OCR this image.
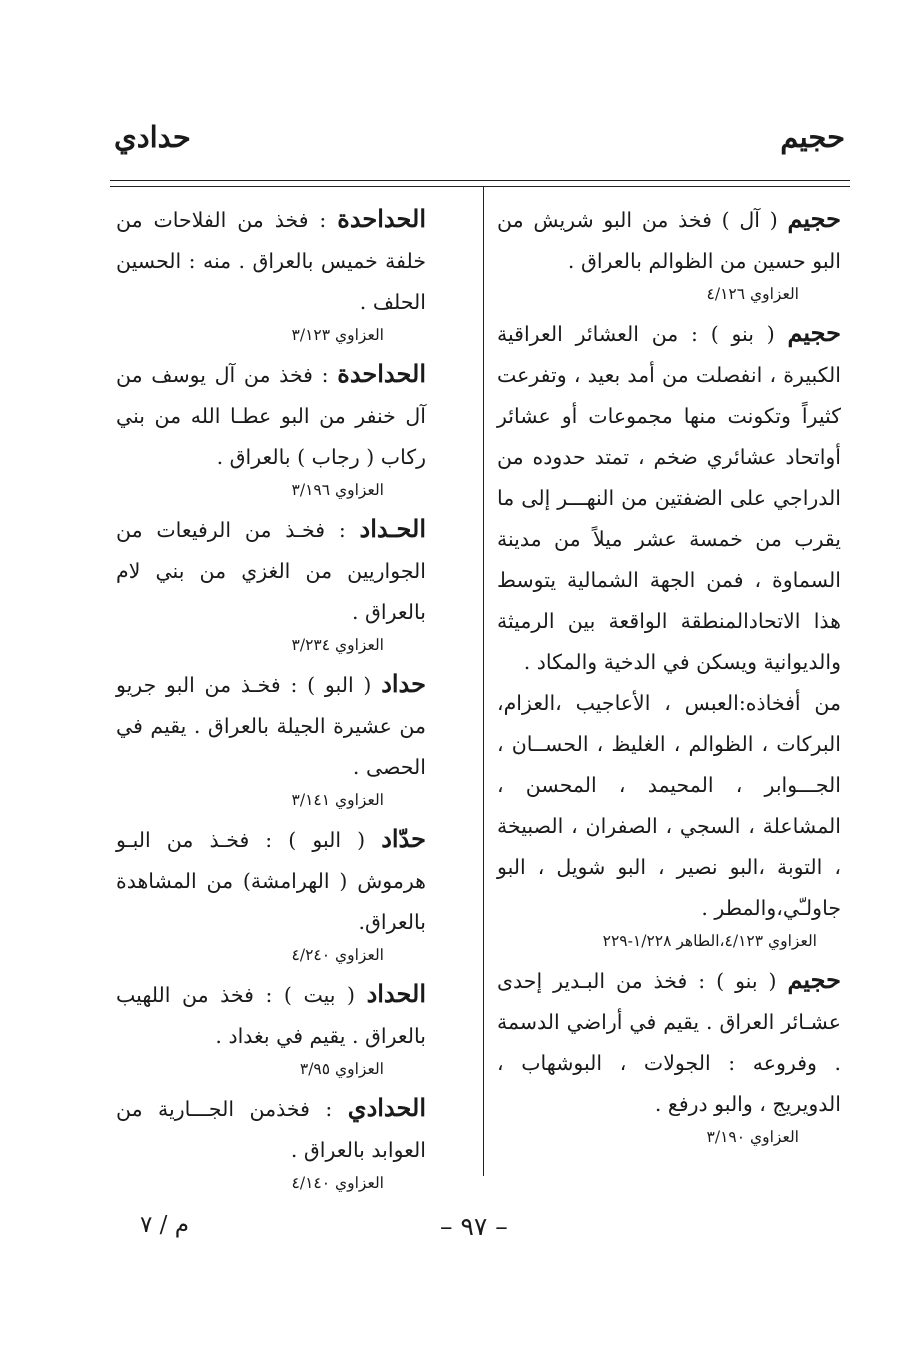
حجيم
حدادي

حجيم ( آل ) فخذ من البو شريش من البو حسين من الظوالم بالعراق .

العزاوي ٤/١٢٦

حجيم ( بنو ) : من العشائر العراقية الكبيرة ، انفصلت من أمد بعيد ، وتفرعت كثيراً وتكونت منها مجموعات أو عشائر أواتحاد عشائري ضخم ، تمتد حدوده من الدراجي على الضفتين من النهـــر إلى ما يقرب من خمسة عشر ميلاً من مدينة السماوة ، فمن الجهة الشمالية يتوسط هذا الاتحادالمنطقة الواقعة بين الرميثة والديوانية ويسكن في الدخية والمكاد .

من أفخاذه:العبس ، الأعاجيب ،العزام، البركات ، الظوالم ، الغليظ ، الحســان ، الجـــوابر ، المحيمد ، المحسن ، المشاعلة ، السجي ، الصفران ، الصبيخة ، التوبة ،البو نصير ، البو شويل ، البو جاولـّي،والمطر .

العزاوي ٤/١٢٣،الطاهر ١/٢٢٨-٢٢٩

حجيم ( بنو ) : فخذ من البـدير إحدى عشـائر العراق . يقيم في أراضي الدسمة . وفروعه : الجولات ، البوشهاب ، الدويريج ، والبو درفع .

العزاوي ٣/١٩٠

الحداحدة : فخذ من الفلاحات من خلفة خميس بالعراق . منه : الحسين الحلف .

العزاوي ٣/١٢٣

الحداحدة : فخذ من آل يوسف من آل خنفر من البو عطـا الله من بني ركاب ( رجاب ) بالعراق .

العزاوي ٣/١٩٦

الحـداد : فخـذ من الرفيعات من الجواريين من الغزي من بني لام بالعراق .

العزاوي ٣/٢٣٤

حداد ( البو ) : فخـذ من البو جريو من عشيرة الجيلة بالعراق . يقيم في الحصى .

العزاوي ٣/١٤١

حدّاد ( البو ) : فخـذ من البـو هرموش ( الهرامشة) من المشاهدة بالعراق.

العزاوي ٤/٢٤٠

الحداد ( بيت ) : فخذ من اللهيب بالعراق . يقيم في بغداد .

العزاوي ٣/٩٥

الحدادي : فخذمن الجـــارية من العوابد بالعراق .

العزاوي ٤/١٤٠

– ٩٧ –
م / ٧
